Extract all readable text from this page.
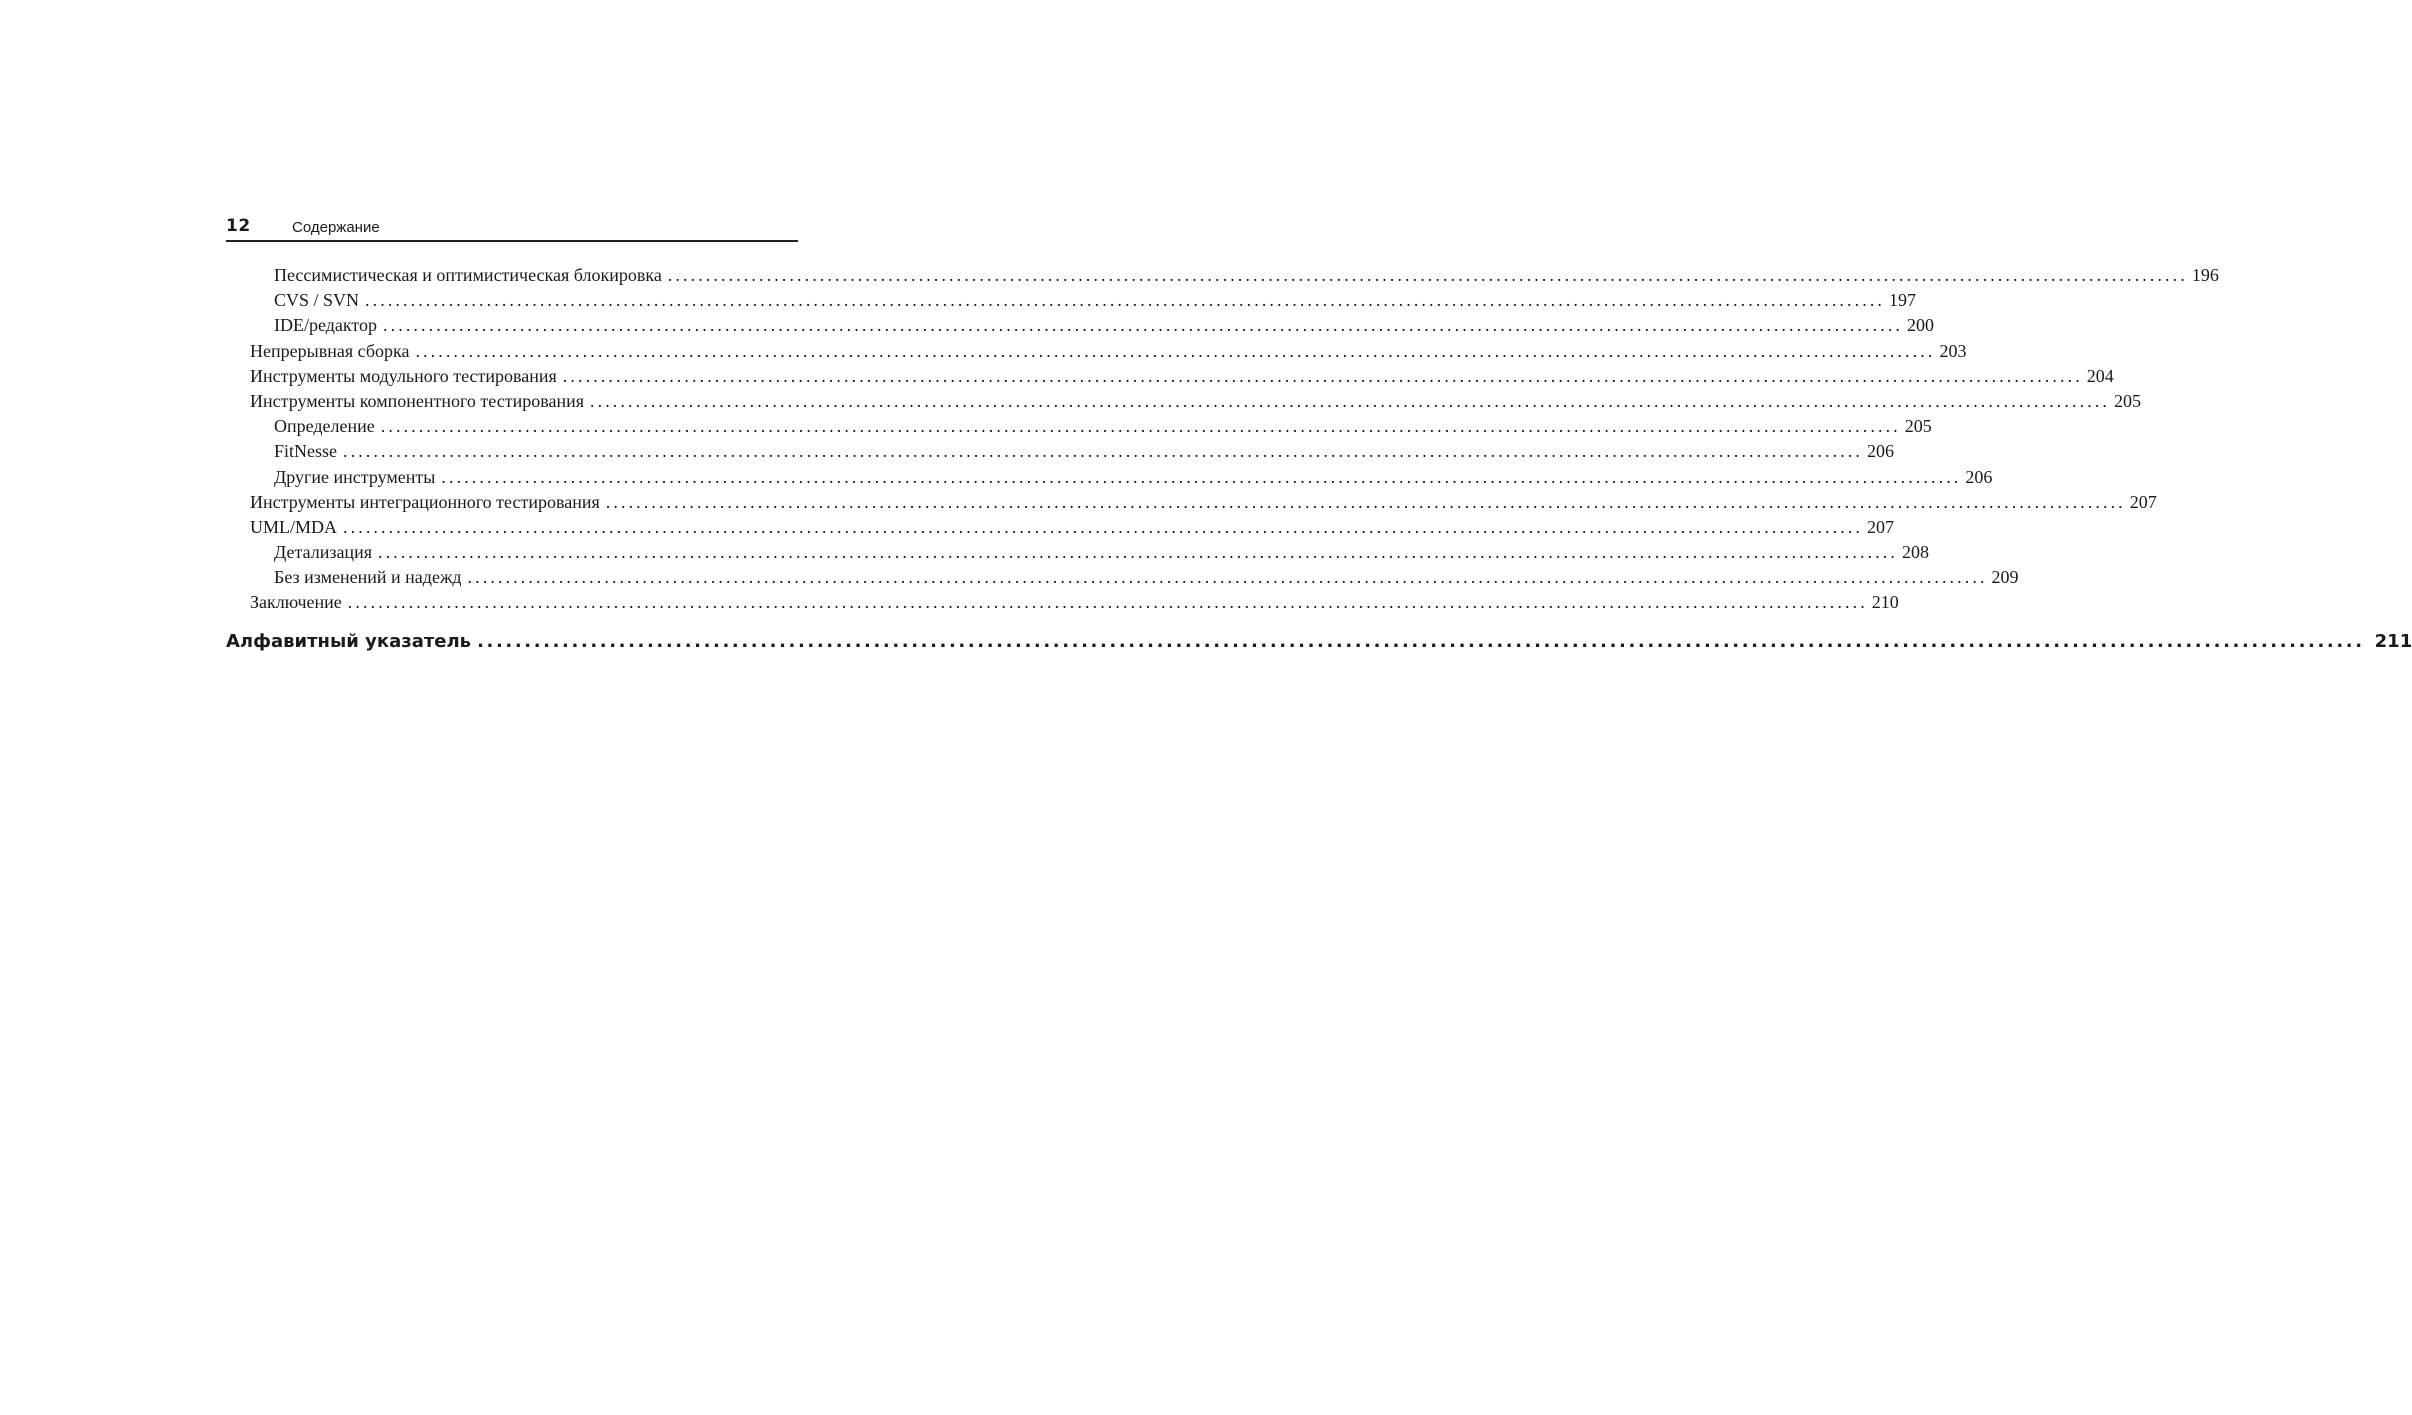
12	Содержание
Пессимистическая и оптимистическая блокировка ........................................................................................................................................................................................................ 196
CVS / SVN ........................................................................................................................................................................................................ 197
IDE/редактор ........................................................................................................................................................................................................ 200
Непрерывная сборка ........................................................................................................................................................................................................ 203
Инструменты модульного тестирования ........................................................................................................................................................................................................ 204
Инструменты компонентного тестирования ........................................................................................................................................................................................................ 205
Определение ........................................................................................................................................................................................................ 205
FitNesse ........................................................................................................................................................................................................ 206
Другие инструменты ........................................................................................................................................................................................................ 206
Инструменты интеграционного тестирования ........................................................................................................................................................................................................ 207
UML/MDA ........................................................................................................................................................................................................ 207
Детализация ........................................................................................................................................................................................................ 208
Без изменений и надежд ........................................................................................................................................................................................................ 209
Заключение ........................................................................................................................................................................................................ 210
Алфавитный указатель ........................................................................................................................................................................................................ 211
